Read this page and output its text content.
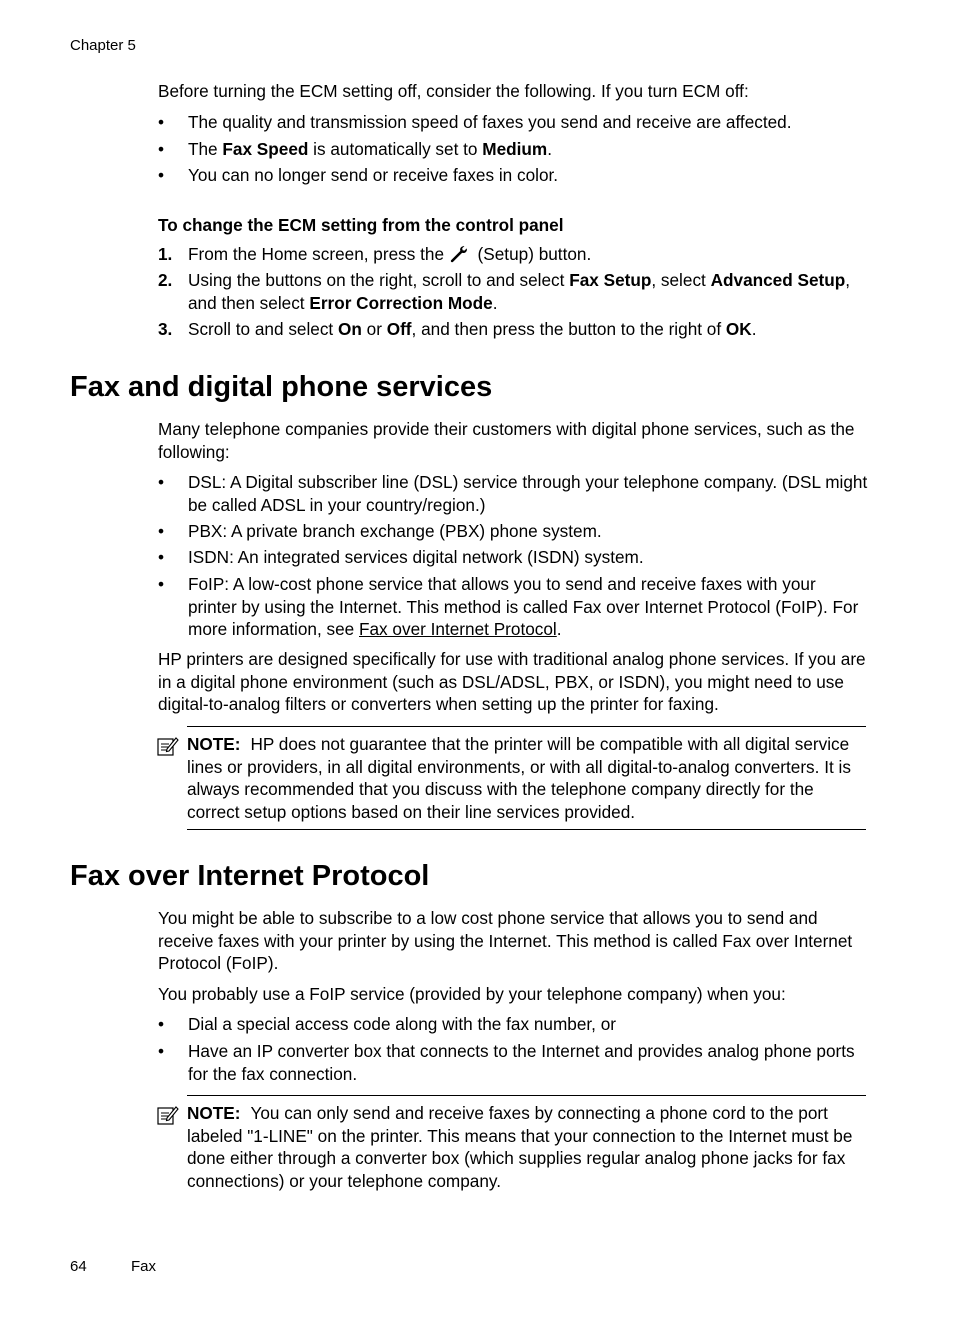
Chapter 5
Before turning the ECM setting off, consider the following. If you turn ECM off:
• The quality and transmission speed of faxes you send and receive are affected.
• The Fax Speed is automatically set to Medium.
• You can no longer send or receive faxes in color.
To change the ECM setting from the control panel
1. From the Home screen, press the  (Setup) button.
2. Using the buttons on the right, scroll to and select Fax Setup, select Advanced Setup, and then select Error Correction Mode.
3. Scroll to and select On or Off, and then press the button to the right of OK.
Fax and digital phone services
Many telephone companies provide their customers with digital phone services, such as the following:
• DSL: A Digital subscriber line (DSL) service through your telephone company. (DSL might be called ADSL in your country/region.)
• PBX: A private branch exchange (PBX) phone system.
• ISDN: An integrated services digital network (ISDN) system.
• FoIP: A low-cost phone service that allows you to send and receive faxes with your printer by using the Internet. This method is called Fax over Internet Protocol (FoIP). For more information, see Fax over Internet Protocol.
HP printers are designed specifically for use with traditional analog phone services. If you are in a digital phone environment (such as DSL/ADSL, PBX, or ISDN), you might need to use digital-to-analog filters or converters when setting up the printer for faxing.
NOTE: HP does not guarantee that the printer will be compatible with all digital service lines or providers, in all digital environments, or with all digital-to-analog converters. It is always recommended that you discuss with the telephone company directly for the correct setup options based on their line services provided.
Fax over Internet Protocol
You might be able to subscribe to a low cost phone service that allows you to send and receive faxes with your printer by using the Internet. This method is called Fax over Internet Protocol (FoIP).
You probably use a FoIP service (provided by your telephone company) when you:
• Dial a special access code along with the fax number, or
• Have an IP converter box that connects to the Internet and provides analog phone ports for the fax connection.
NOTE: You can only send and receive faxes by connecting a phone cord to the port labeled "1-LINE" on the printer. This means that your connection to the Internet must be done either through a converter box (which supplies regular analog phone jacks for fax connections) or your telephone company.
64	Fax
